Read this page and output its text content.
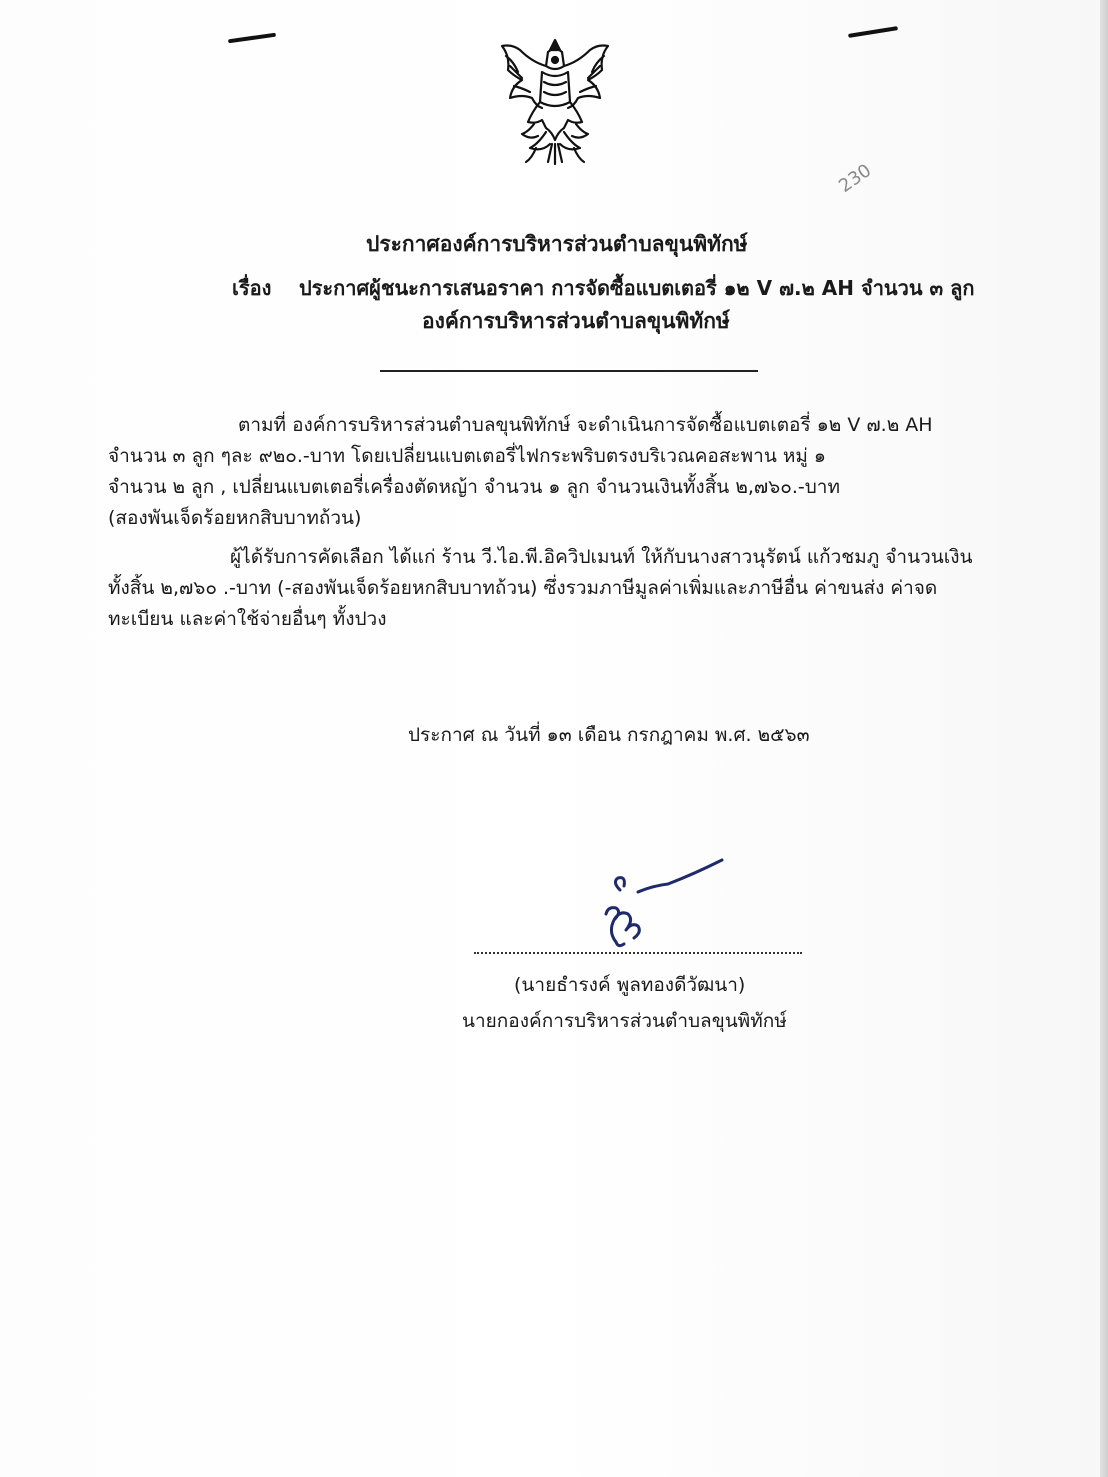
230
ประกาศองค์การบริหารส่วนตำบลขุนพิทักษ์
เรื่อง ประกาศผู้ชนะการเสนอราคา การจัดซื้อแบตเตอรี่ ๑๒ V ๗.๒ AH จำนวน ๓ ลูก
องค์การบริหารส่วนตำบลขุนพิทักษ์
ตามที่ องค์การบริหารส่วนตำบลขุนพิทักษ์ จะดำเนินการจัดซื้อแบตเตอรี่ ๑๒ V ๗.๒ AH
จำนวน ๓ ลูก ๆละ ๙๒๐.-บาท โดยเปลี่ยนแบตเตอรี่ไฟกระพริบตรงบริเวณคอสะพาน หมู่ ๑
จำนวน ๒ ลูก , เปลี่ยนแบตเตอรี่เครื่องตัดหญ้า จำนวน ๑ ลูก จำนวนเงินทั้งสิ้น ๒,๗๖๐.-บาท
(สองพันเจ็ดร้อยหกสิบบาทถ้วน)
ผู้ได้รับการคัดเลือก ได้แก่ ร้าน วี.ไอ.พี.อิควิปเมนท์ ให้กับนางสาวนุรัตน์ แก้วชมภู จำนวนเงิน
ทั้งสิ้น ๒,๗๖๐ .-บาท (-สองพันเจ็ดร้อยหกสิบบาทถ้วน) ซึ่งรวมภาษีมูลค่าเพิ่มและภาษีอื่น ค่าขนส่ง ค่าจด
ทะเบียน และค่าใช้จ่ายอื่นๆ ทั้งปวง
ประกาศ ณ วันที่ ๑๓ เดือน กรกฎาคม พ.ศ. ๒๕๖๓
(นายธำรงค์ พูลทองดีวัฒนา)
นายกองค์การบริหารส่วนตำบลขุนพิทักษ์
